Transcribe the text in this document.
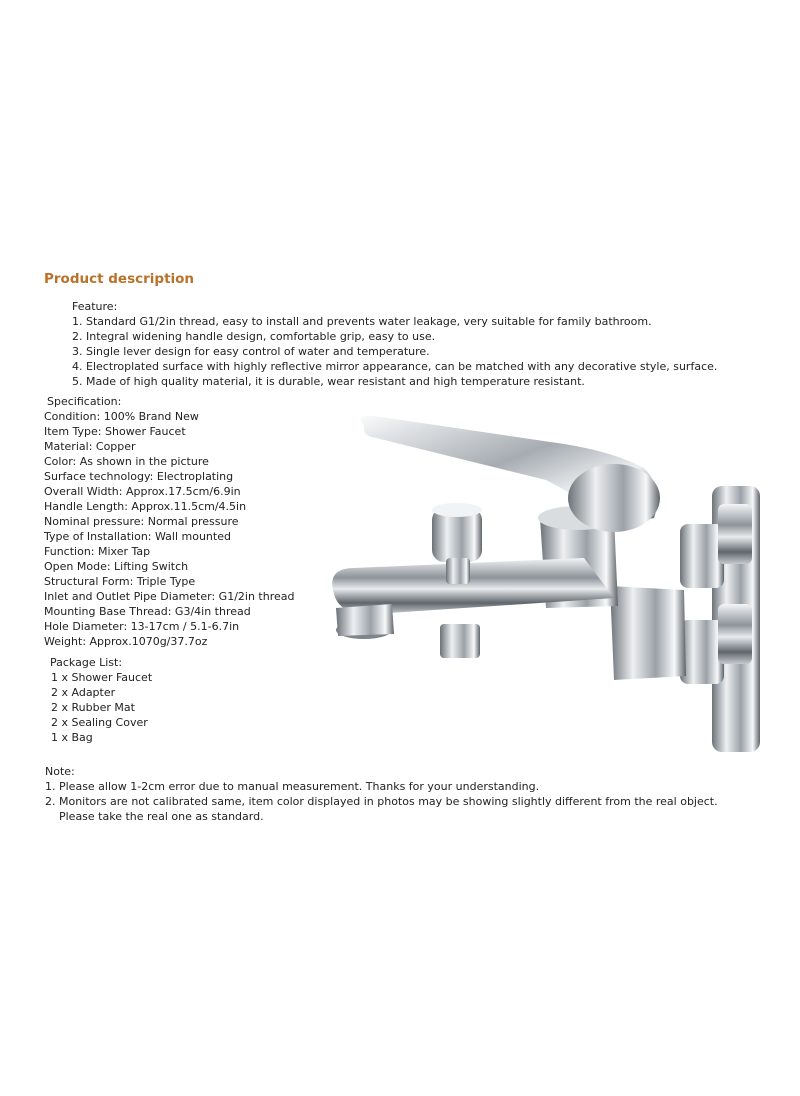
Product description
Feature:
1. Standard G1/2in thread, easy to install and prevents water leakage, very suitable for family bathroom.
2. Integral widening handle design, comfortable grip, easy to use.
3. Single lever design for easy control of water and temperature.
4. Electroplated surface with highly reflective mirror appearance, can be matched with any decorative style, surface.
5. Made of high quality material, it is durable, wear resistant and high temperature resistant.
Specification:
Condition: 100% Brand New
Item Type: Shower Faucet
Material: Copper
Color: As shown in the picture
Surface technology: Electroplating
Overall Width: Approx.17.5cm/6.9in
Handle Length: Approx.11.5cm/4.5in
Nominal pressure: Normal pressure
Type of Installation: Wall mounted
Function: Mixer Tap
Open Mode: Lifting Switch
Structural Form: Triple Type
Inlet and Outlet Pipe Diameter: G1/2in thread
Mounting Base Thread: G3/4in thread
Hole Diameter: 13-17cm / 5.1-6.7in
Weight: Approx.1070g/37.7oz
Package List:
1 x Shower Faucet
2 x Adapter
2 x Rubber Mat
2 x Sealing Cover
1 x Bag
Note:
1. Please allow 1-2cm error due to manual measurement. Thanks for your understanding.
2. Monitors are not calibrated same, item color displayed in photos may be showing slightly different from the real object.
Please take the real one as standard.
